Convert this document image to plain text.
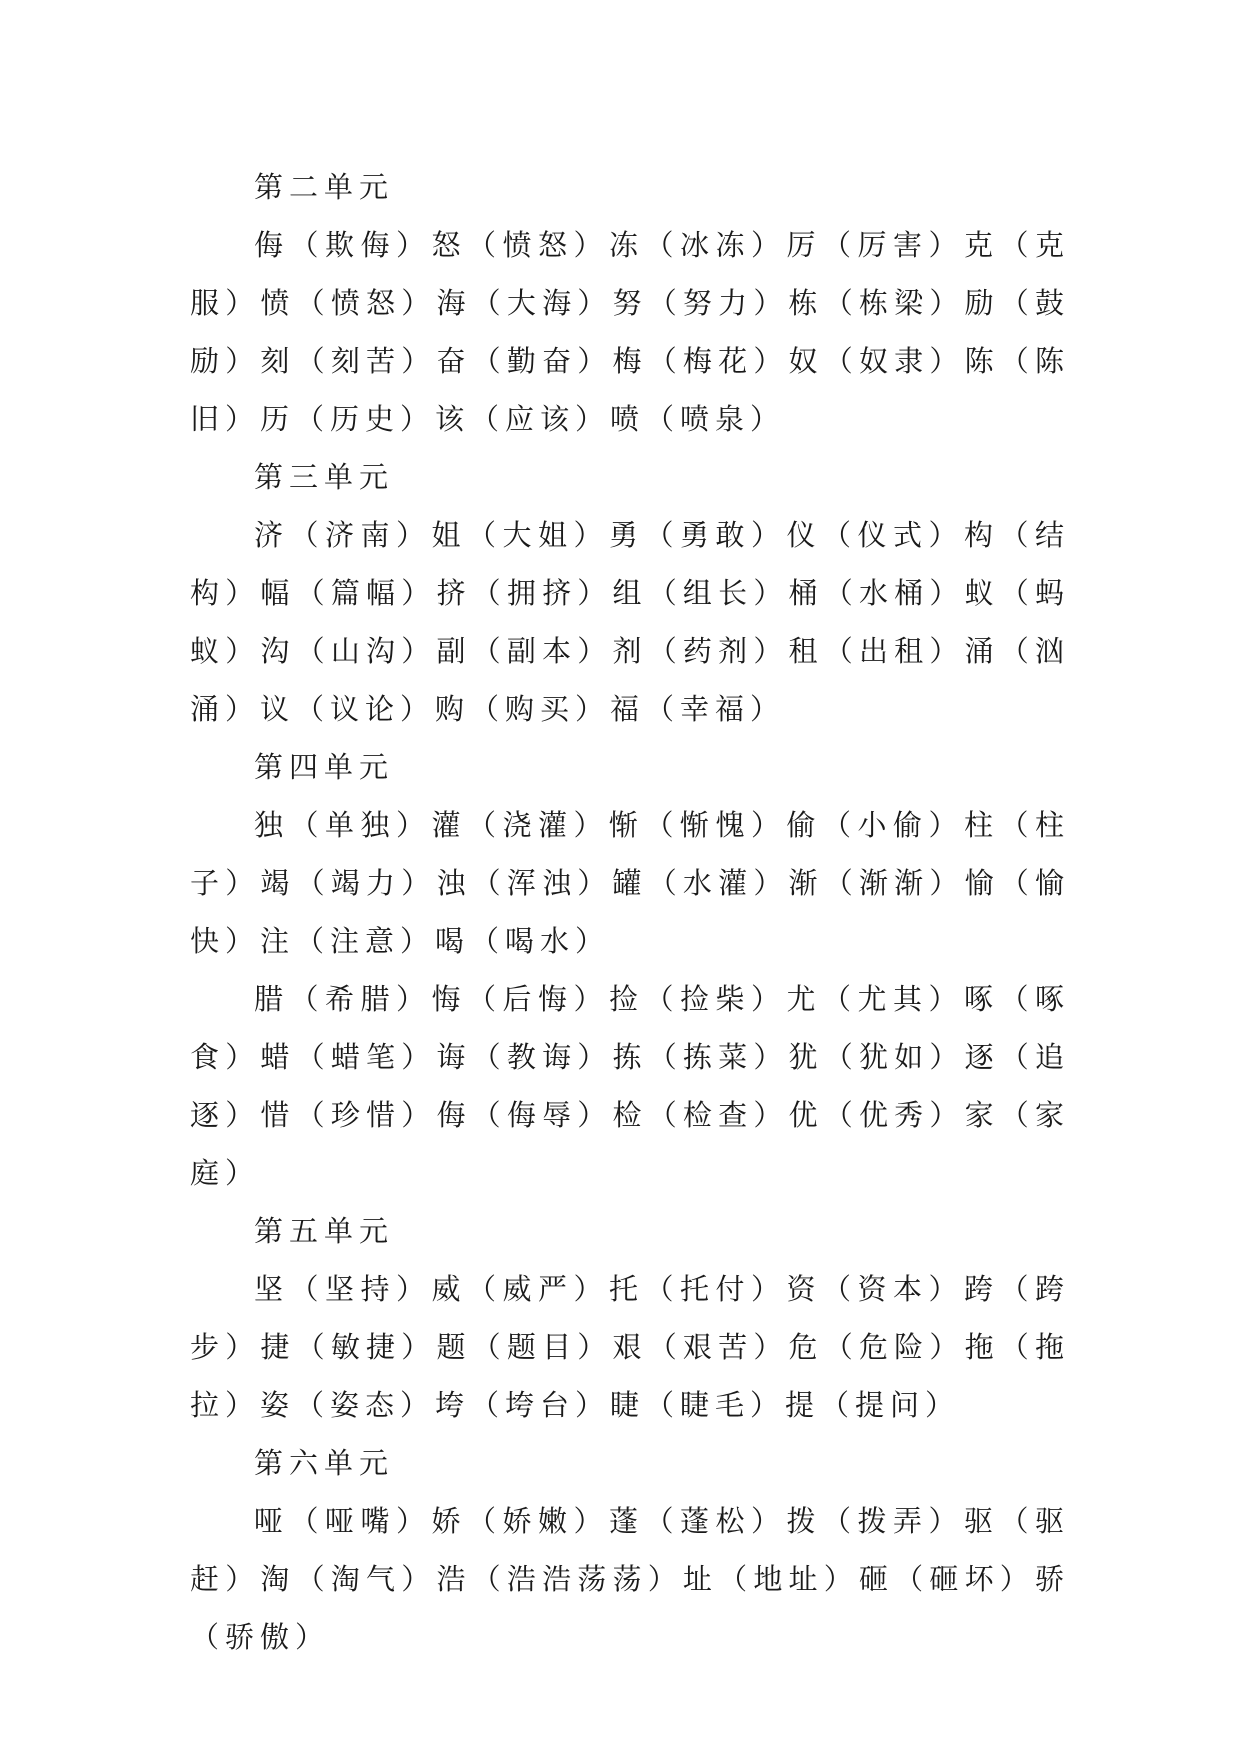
第二单元

侮（欺侮）怒（愤怒）冻（冰冻）厉（厉害）克（克服）愤（愤怒）海（大海）努（努力）栋（栋梁）励（鼓励）刻（刻苦）奋（勤奋）梅（梅花）奴（奴隶）陈（陈旧）历（历史）该（应该）喷（喷泉）

第三单元

济（济南）姐（大姐）勇（勇敢）仪（仪式）构（结构）幅（篇幅）挤（拥挤）组（组长）桶（水桶）蚁（蚂蚁）沟（山沟）副（副本）剂（药剂）租（出租）涌（汹涌）议（议论）购（购买）福（幸福）

第四单元

独（单独）灌（浇灌）惭（惭愧）偷（小偷）柱（柱子）竭（竭力）浊（浑浊）罐（水灌）渐（渐渐）愉（愉快）注（注意）喝（喝水）

腊（希腊）悔（后悔）捡（捡柴）尤（尤其）啄（啄食）蜡（蜡笔）诲（教诲）拣（拣菜）犹（犹如）逐（追逐）惜（珍惜）侮（侮辱）检（检查）优（优秀）家（家庭）

第五单元

坚（坚持）威（威严）托（托付）资（资本）跨（跨步）捷（敏捷）题（题目）艰（艰苦）危（危险）拖（拖拉）姿（姿态）垮（垮台）睫（睫毛）提（提问）

第六单元

哑（哑嘴）娇（娇嫩）蓬（蓬松）拨（拨弄）驱（驱赶）淘（淘气）浩（浩浩荡荡）址（地址）砸（砸坏）骄（骄傲）
